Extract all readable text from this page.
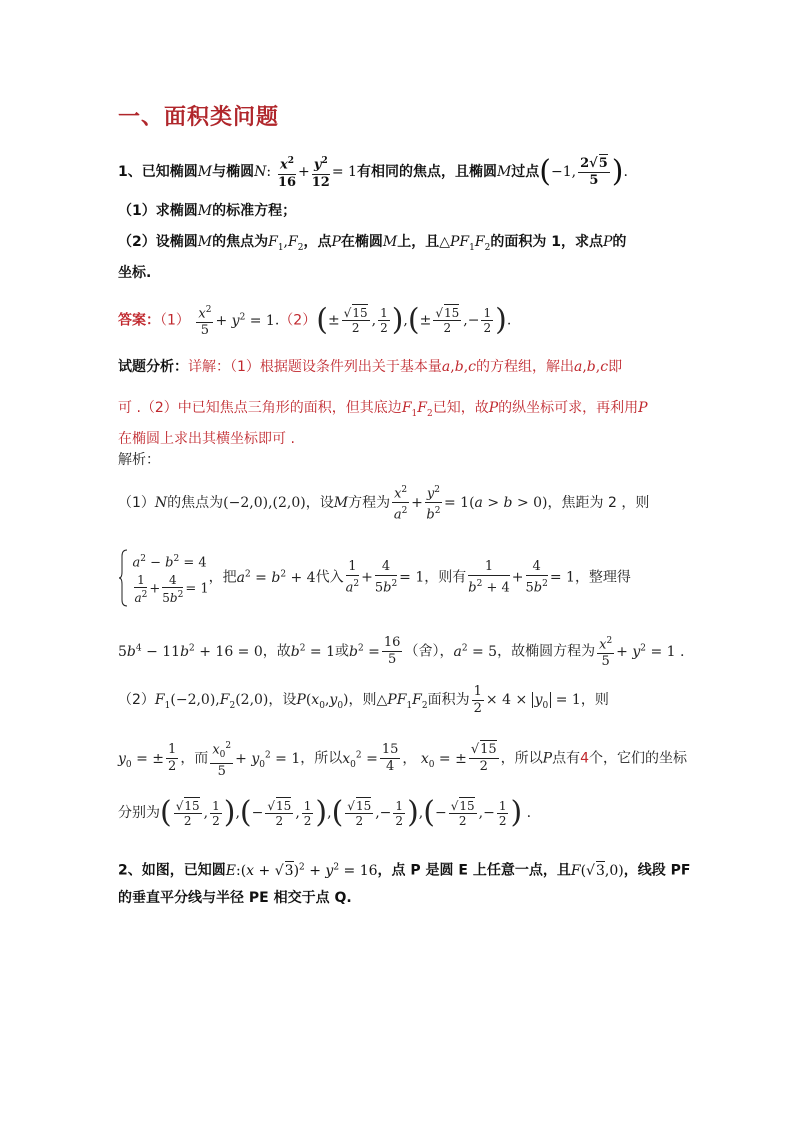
一、面积类问题
1、已知椭圆M与椭圆N: $\frac{x^2}{16} + \frac{y^2}{12} = 1$有相同的焦点，且椭圆M过点(−1, $\frac{2√5}{5}$ ).
（1）求椭圆M的标准方程；
（2）设椭圆M的焦点为$F_1,F_2$，点P在椭圆M上，且$\triangle PF_1F_2$的面积为 1，求点P的
坐标.
答案：$(1) \frac{x^2}{5} + y^2 = 1.(2)(\pm \frac{√15}{2}$ , $\frac{1}{2}$ ),(± $\frac{√15}{2}$ ,− $\frac{1}{2}$ ).
试题分析：详解：（1）根据题设条件列出关于基本量a,b,c的方程组，解出a,b,c即
可 .（2）中已知焦点三角形的面积，但其底边$F_1F_2$已知，故P的纵坐标可求，再利用P
在椭圆上求出其横坐标即可 .
解析：
（1）N的焦点为(−2,0),(2,0)，设M方程为 $\frac{x^2}{a^2} + \frac{y^2}{b^2} = 1(a > b > 0)$，焦距为 2 ，则

$a^2 - b^2 = 4$
$\frac{1}{a^2} + \frac{4}{5b^2} = 1$
，把$a^2 = b^2 + 4$代入 $\frac{1}{a^2} + \frac{4}{5b^2} = 1$，则有 $\frac{1}{b^2 + 4} + \frac{4}{5b^2} = 1$，整理得
$5b^4 - 11b^2 + 16 = 0$，故$b^2 = 1$或$b^2 = \frac{16}{5}$ （舍），$a^2 = 5$，故椭圆方程为 $\frac{x^2}{5} + y^2 = 1$ .
$(2)F_1(-2,0),F_2(2,0)$，设$P(x_0,y_0)$，则$\triangle PF_1F_2$面积为 $\frac{1}{2} \times 4 \times y_0 = 1$，则
$y_0$ = ± $\frac{1}{2}$ ，而 $\frac{x_0^2}{5} + y_0^2 = 1$，所以$x_0^2 = \frac{15}{4}$ ， $x_0$ = ± $\frac{√15}{2}$ ，所以P点有4个，它们的坐标
分别为( $\frac{√15}{2}$ , $\frac{1}{2}$ ),(− $\frac{√15}{2}$ , $\frac{1}{2}$ ),( $\frac{√15}{2}$ ,− $\frac{1}{2}$ ),(− $\frac{√15}{2}$ ,− $\frac{1}{2}$ ) .
2、如图，已知圆E:(x + $√3)^2 + y^2 = 16$，点 P 是圆 E 上任意一点，且F(√3,0)，线段 PF
的垂直平分线与半径 PE 相交于点 Q.
